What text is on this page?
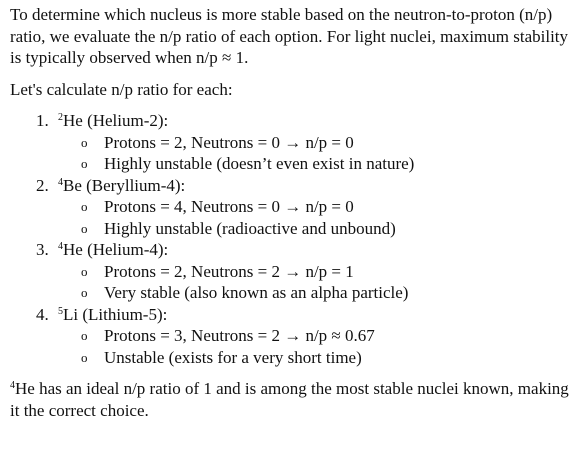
To determine which nucleus is more stable based on the neutron-to-proton (n/p) ratio, we evaluate the n/p ratio of each option. For light nuclei, maximum stability is typically observed when n/p ≈ 1.

Let's calculate n/p ratio for each:

1. $^2$He (Helium-2):
o Protons = 2, Neutrons = 0 → n/p = 0
o Highly unstable (doesn’t even exist in nature)
2. $^4$Be (Beryllium-4):
o Protons = 4, Neutrons = 0 → n/p = 0
o Highly unstable (radioactive and unbound)
3. $^4$He (Helium-4):
o Protons = 2, Neutrons = 2 → n/p = 1
o Very stable (also known as an alpha particle)
4. $^5$Li (Lithium-5):
o Protons = 3, Neutrons = 2 → n/p ≈ 0.67
o Unstable (exists for a very short time)

$^4$He has an ideal n/p ratio of 1 and is among the most stable nuclei known, making it the correct choice.
